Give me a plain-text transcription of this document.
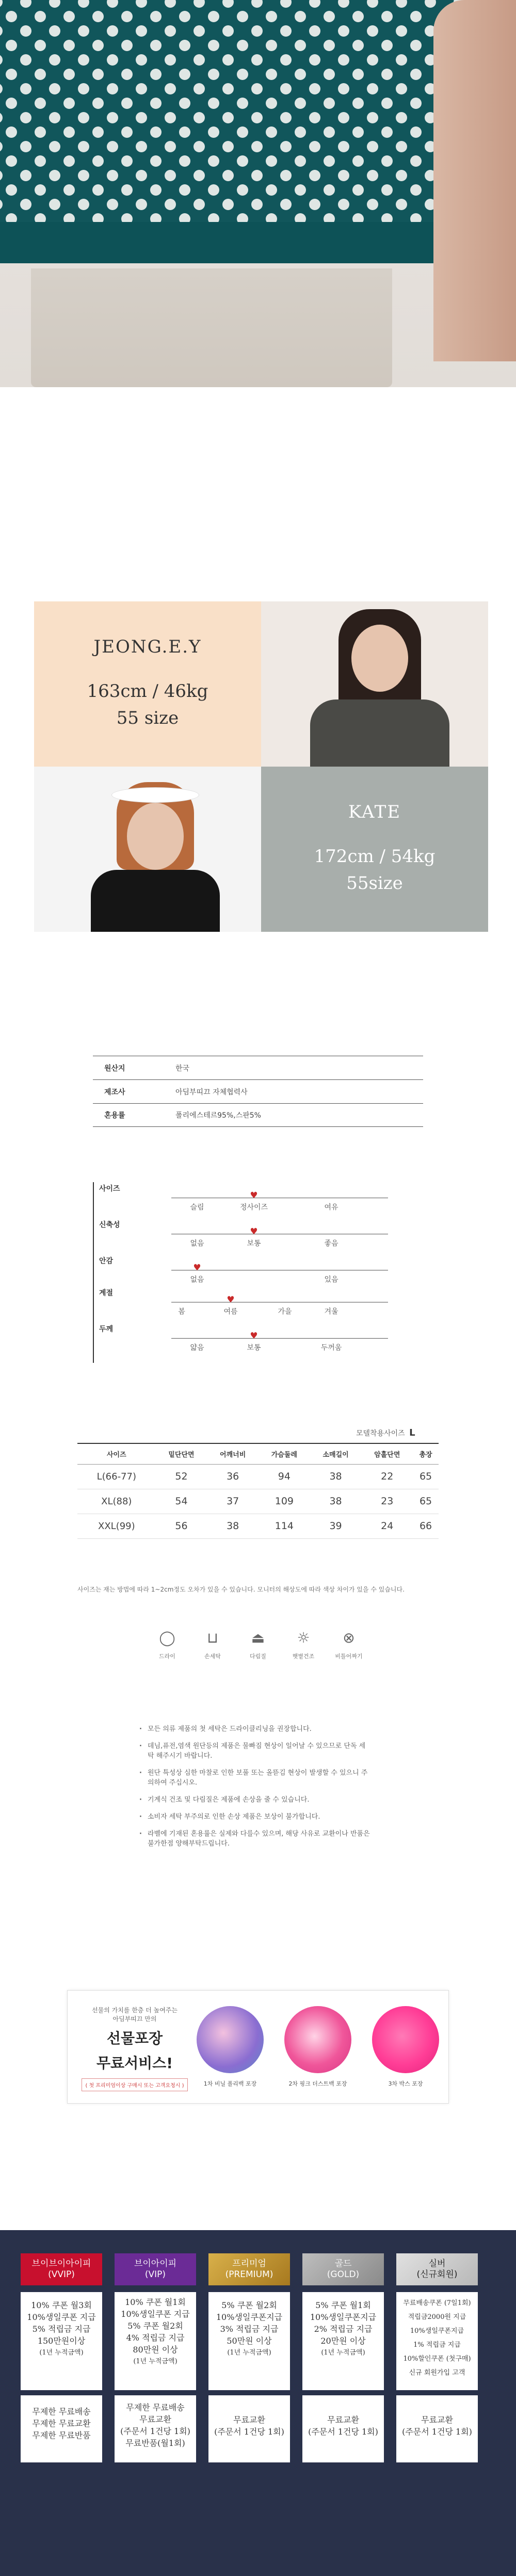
JEONG.E.Y
163cm / 46kg
55 size
KATE
172cm / 54kg
55size
원산지	한국
제조사	아딤부띠끄 자체협력사
혼용률	폴리에스테르95%,스판5%
사이즈
♥
슬림	정사이즈	여유
신축성
♥
없음	보통	좋음
안감
♥
없음	있음
계절
♥
봄	여름	가을	겨울
두께
♥
얇음	보통	두꺼움
모델착용사이즈 L
사이즈	밑단단면	어깨너비	가슴둘레	소매길이	암홀단면	총장
L(66-77)	52	36	94	38	22	65
XL(88)	54	37	109	38	23	65
XXL(99)	56	38	114	39	24	66
사이즈는 재는 방법에 따라 1~2cm정도 오차가 있을 수 있습니다. 모니터의 해상도에 따라 색상 차이가 있을 수 있습니다.
◯
드라이
⊔
손세탁
⏏
다림질
☼
햇볕건조
⊗
비틀어짜기
· 모든 의류 제품의 첫 세탁은 드라이클리닝을 권장합니다.
· 데님,퓨전,염색 원단등의 제품은 물빠짐 현상이 일어날 수 있으므로 단독 세탁 해주시기 바랍니다.
· 원단 특성상 심한 마찰로 인한 보풀 또는 올뜯김 현상이 발생할 수 있으니 주의하여 주십시오.
· 기계식 건조 및 다림질은 제품에 손상을 줄 수 있습니다.
· 소비자 세탁 부주의로 인한 손상 제품은 보상이 불가합니다.
· 라벨에 기재된 혼용률은 실제와 다를수 있으며, 해당 사유로 교환이나 반품은 불가한점 양해부탁드립니다.
선물의 가치를 한층 더 높여주는
아딤부띠끄 만의
선물포장
무료서비스!
( 첫 프리미엄이상 구매시 또는 고객요청시 )	1차 비닐 폴리백 포장	2차 핑크 더스트백 포장	3차 박스 포장
브이브이아이피
(VVIP)
10% 쿠폰 월3회
10%생일쿠폰 지급
5% 적립금 지급
150만원이상
(1년 누적금액)
무제한 무료배송
무제한 무료교환
무제한 무료반품
브이아이피
(VIP)
10% 쿠폰 월1회
10%생일쿠폰 지급
5% 쿠폰 월2회
4% 적립금 지급
80만원 이상
(1년 누적금액)
무제한 무료배송
무료교환
(주문서 1건당 1회)
무료반품(월1회)
프리미엄
(PREMIUM)
5% 쿠폰 월2회
10%생일쿠폰지급
3% 적립금 지급
50만원 이상
(1년 누적금액)
무료교환
(주문서 1건당 1회)
골드
(GOLD)
5% 쿠폰 월1회
10%생일쿠폰지급
2% 적립금 지급
20만원 이상
(1년 누적금액)
무료교환
(주문서 1건당 1회)
실버
(신규회원)
무료배송쿠폰 (7일1회)
적립금2000원 지급
10%생일쿠폰지급
1% 적립금 지급
10%할인쿠폰 (첫구매)
신규 회원가입 고객
무료교환
(주문서 1건당 1회)
